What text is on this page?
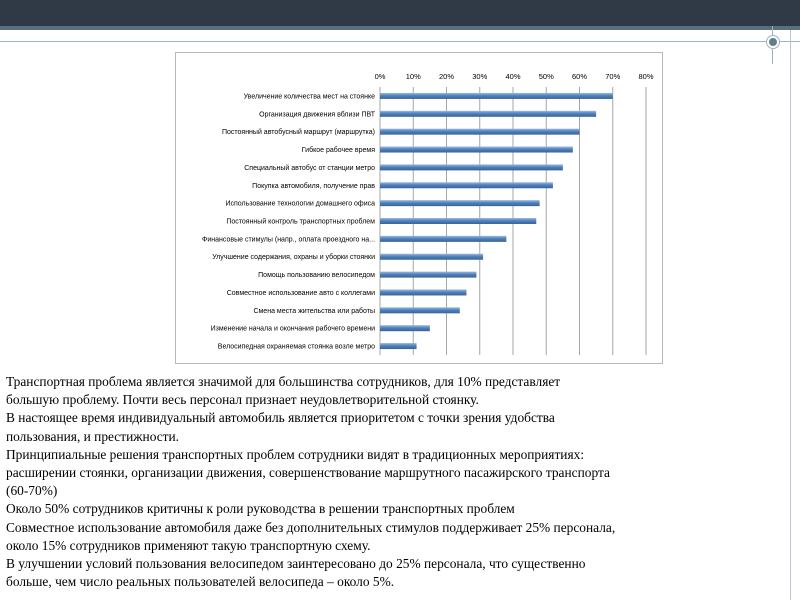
0%	10% 20% 30% 40% 50% 60% 70% 80%
Увеличение количества мест на стоянке
Организация движения вблизи ПВТ
Постоянный автобусный маршрут (маршрутка)
Гибкое рабочее время
Специальный автобус от станции метро
Покупка автомобиля, получение прав
Использование технологии домашнего офиса
Постоянный контроль транспортных проблем
Финансовые стимулы (напр., оплата проездного на...
Улучшение содержания, охраны и уборки стоянки
Помощь пользованию велосипедом
Совместное использование авто с коллегами
Смена места жительства или работы
Изменение начала и окончания рабочего времени
Велосипедная охраняемая стоянка возле метро

Транспортная проблема является значимой для большинства сотрудников, для 10% представляет

большую проблему. Почти весь персонал признает неудовлетворительной стоянку.

В настоящее время индивидуальный автомобиль является приоритетом с точки зрения удобства

пользования, и престижности.

Принципиальные решения транспортных проблем сотрудники видят в традиционных мероприятиях:

расширении стоянки, организации движения, совершенствование маршрутного пасажирского транспорта

(60-70%)

Около 50% сотрудников критичны к роли руководства в решении транспортных проблем

Совместное использование автомобиля даже без дополнительных стимулов поддерживает 25% персонала,

около 15% сотрудников применяют такую транспортную схему.

В улучшении условий пользования велосипедом заинтересовано до 25% персонала, что существенно

больше, чем число реальных пользователей велосипеда – около 5%.
